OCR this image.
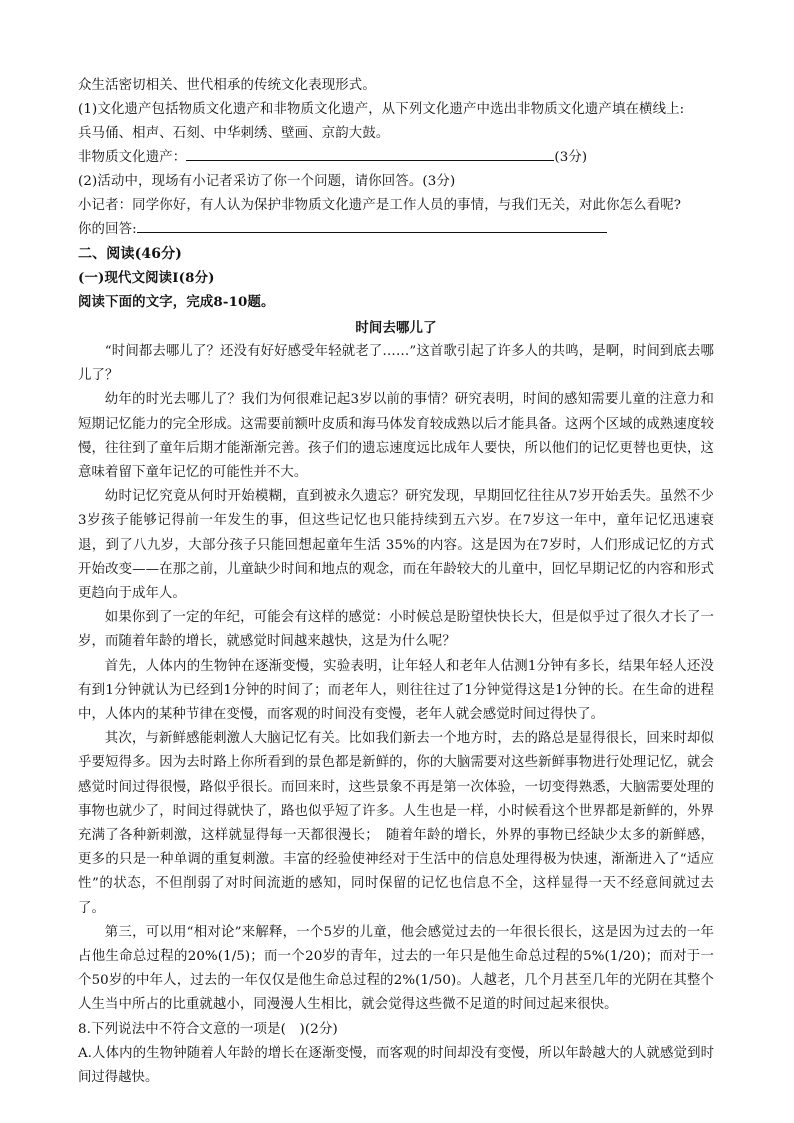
众生活密切相关、世代相承的传统文化表现形式。
(1)文化遗产包括物质文化遗产和非物质文化遗产，从下列文化遗产中选出非物质文化遗产填在横线上:
兵马俑、相声、石刻、中华刺绣、壁画、京韵大鼓。
非物质文化遗产：	(3分)
(2)活动中，现场有小记者采访了你一个问题，请你回答。(3分)
小记者：同学你好，有人认为保护非物质文化遗产是工作人员的事情，与我们无关，对此你怎么看呢?
你的回答:
二、阅读(46分)
(一)现代文阅读Ⅰ(8分)
阅读下面的文字，完成8-10题。
时间去哪儿了
“时间都去哪儿了？还没有好好感受年轻就老了……”这首歌引起了许多人的共鸣，是啊，时间到底去哪儿了？
幼年的时光去哪儿了？我们为何很难记起3岁以前的事情？研究表明，时间的感知需要儿童的注意力和短期记忆能力的完全形成。这需要前额叶皮质和海马体发育较成熟以后才能具备。这两个区域的成熟速度较慢，往往到了童年后期才能渐渐完善。孩子们的遗忘速度远比成年人要快，所以他们的记忆更替也更快，这意味着留下童年记忆的可能性并不大。
幼时记忆究竟从何时开始模糊，直到被永久遗忘？研究发现，早期回忆往往从7岁开始丢失。虽然不少3岁孩子能够记得前一年发生的事，但这些记忆也只能持续到五六岁。在7岁这一年中，童年记忆迅速衰退，到了八九岁，大部分孩子只能回想起童年生活 35%的内容。这是因为在7岁时，人们形成记忆的方式开始改变——在那之前，儿童缺少时间和地点的观念，而在年龄较大的儿童中，回忆早期记忆的内容和形式更趋向于成年人。
如果你到了一定的年纪，可能会有这样的感觉：小时候总是盼望快快长大，但是似乎过了很久才长了一岁，而随着年龄的增长，就感觉时间越来越快，这是为什么呢？
首先，人体内的生物钟在逐渐变慢，实验表明，让年轻人和老年人估测1分钟有多长，结果年轻人还没有到1分钟就认为已经到1分钟的时间了；而老年人，则往往过了1分钟觉得这是1分钟的长。在生命的进程中，人体内的某种节律在变慢，而客观的时间没有变慢，老年人就会感觉时间过得快了。
其次，与新鲜感能刺激人大脑记忆有关。比如我们新去一个地方时，去的路总是显得很长，回来时却似乎要短得多。因为去时路上你所看到的景色都是新鲜的，你的大脑需要对这些新鲜事物进行处理记忆，就会感觉时间过得很慢，路似乎很长。而回来时，这些景象不再是第一次体验，一切变得熟悉，大脑需要处理的事物也就少了，时间过得就快了，路也似乎短了许多。人生也是一样，小时候看这个世界都是新鲜的，外界充满了各种新刺激，这样就显得每一天都很漫长；　随着年龄的增长，外界的事物已经缺少太多的新鲜感，更多的只是一种单调的重复刺激。丰富的经验使神经对于生活中的信息处理得极为快速，渐渐进入了“适应性”的状态，不但削弱了对时间流逝的感知，同时保留的记忆也信息不全，这样显得一天不经意间就过去了。
第三，可以用“相对论”来解释，一个5岁的儿童，他会感觉过去的一年很长很长，这是因为过去的一年占他生命总过程的20%(1/5)；而一个20岁的青年，过去的一年只是他生命总过程的5%(1/20)；而对于一个50岁的中年人，过去的一年仅仅是他生命总过程的2%(1/50)。人越老，几个月甚至几年的光阴在其整个人生当中所占的比重就越小，同漫漫人生相比，就会觉得这些微不足道的时间过起来很快。
8.下列说法中不符合文意的一项是(　)(2分)
A.人体内的生物钟随着人年龄的增长在逐渐变慢，而客观的时间却没有变慢，所以年龄越大的人就感觉到时间过得越快。
